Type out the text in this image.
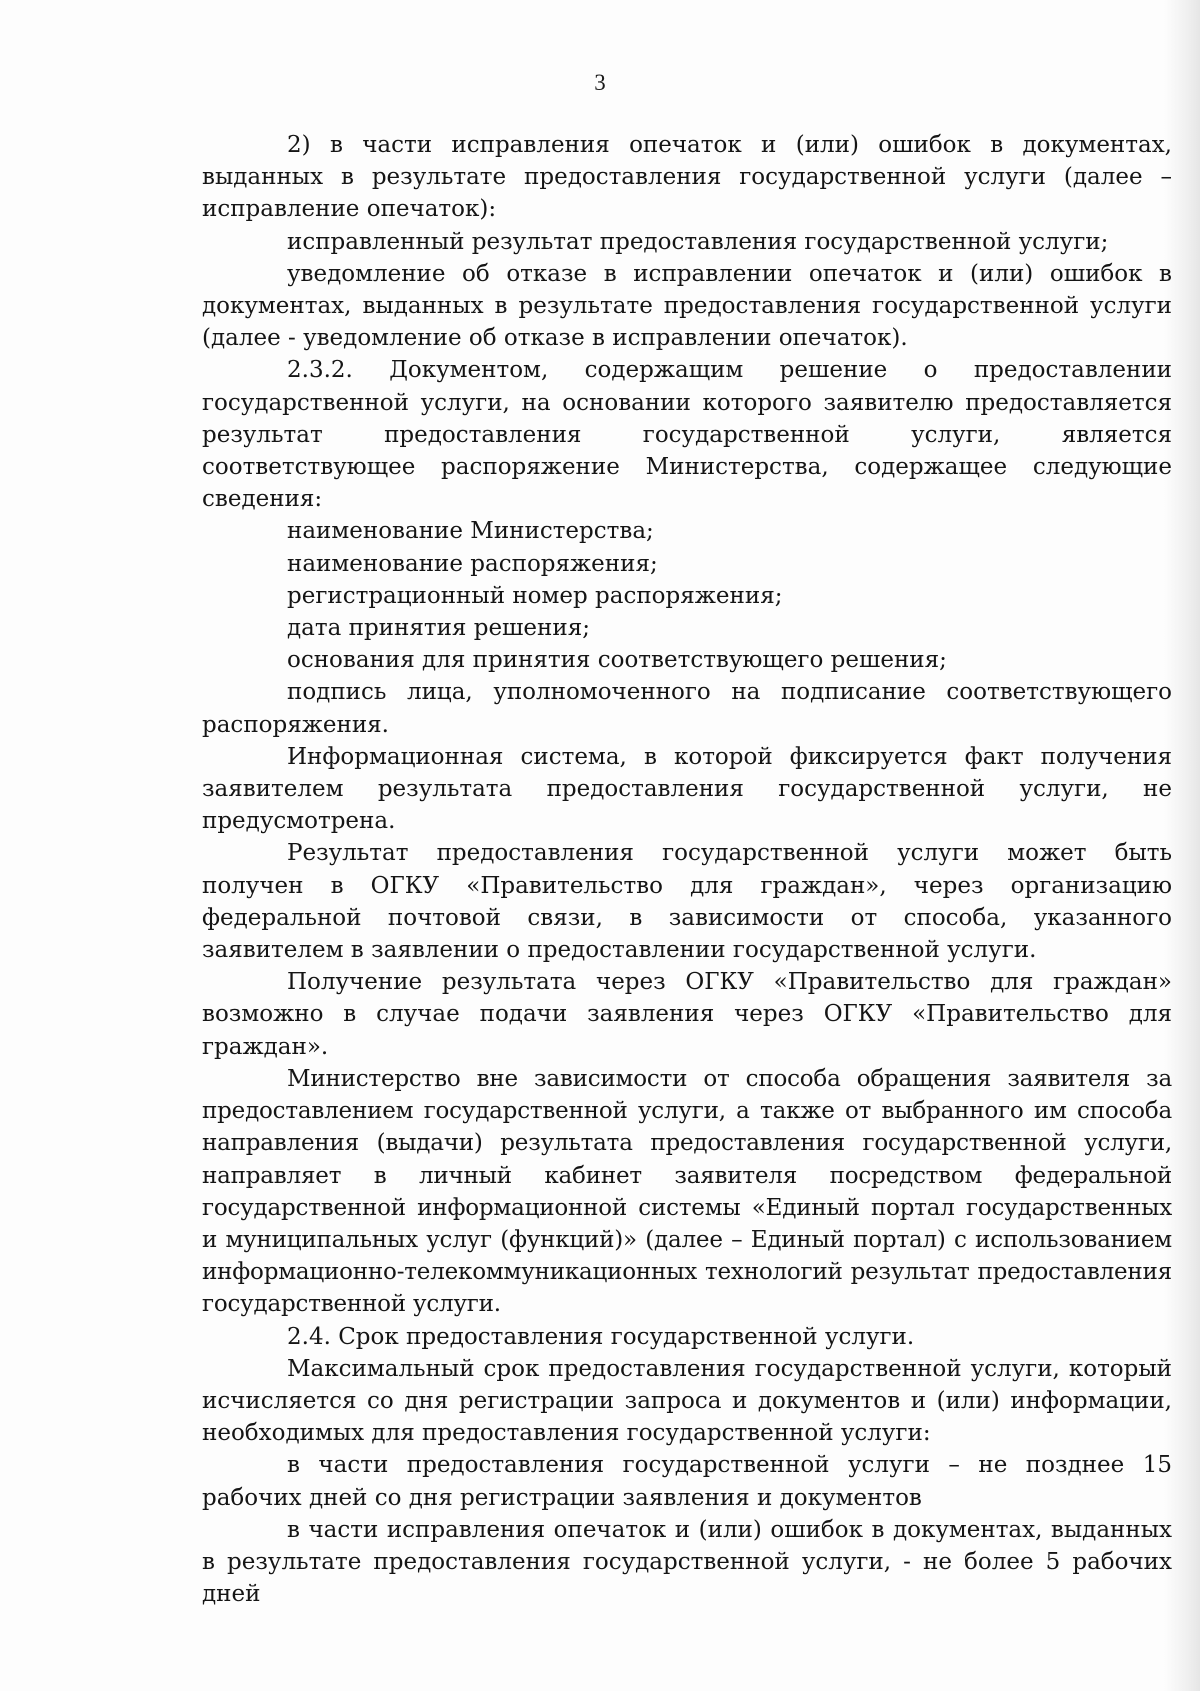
3

2) в части исправления опечаток и (или) ошибок в документах, выданных в результате предоставления государственной услуги (далее – исправление опечаток):

исправленный результат предоставления государственной услуги;

уведомление об отказе в исправлении опечаток и (или) ошибок в документах, выданных в результате предоставления государственной услуги (далее - уведомление об отказе в исправлении опечаток).

2.3.2. Документом, содержащим решение о предоставлении государственной услуги, на основании которого заявителю предоставляется результат предоставления государственной услуги, является соответствующее распоряжение Министерства, содержащее следующие сведения:

наименование Министерства;

наименование распоряжения;

регистрационный номер распоряжения;

дата принятия решения;

основания для принятия соответствующего решения;

подпись лица, уполномоченного на подписание соответствующего распоряжения.

Информационная система, в которой фиксируется факт получения заявителем результата предоставления государственной услуги, не предусмотрена.

Результат предоставления государственной услуги может быть получен в ОГКУ «Правительство для граждан», через организацию федеральной почтовой связи, в зависимости от способа, указанного заявителем в заявлении о предоставлении государственной услуги.

Получение результата через ОГКУ «Правительство для граждан» возможно в случае подачи заявления через ОГКУ «Правительство для граждан».

Министерство вне зависимости от способа обращения заявителя за предоставлением государственной услуги, а также от выбранного им способа направления (выдачи) результата предоставления государственной услуги, направляет в личный кабинет заявителя посредством федеральной государственной информационной системы «Единый портал государственных и муниципальных услуг (функций)» (далее – Единый портал) с использованием информационно-телекоммуникационных технологий результат предоставления государственной услуги.

2.4. Срок предоставления государственной услуги.

Максимальный срок предоставления государственной услуги, который исчисляется со дня регистрации запроса и документов и (или) информации, необходимых для предоставления государственной услуги:

в части предоставления государственной услуги – не позднее 15 рабочих дней со дня регистрации заявления и документов

в части исправления опечаток и (или) ошибок в документах, выданных в результате предоставления государственной услуги, - не более 5 рабочих дней
